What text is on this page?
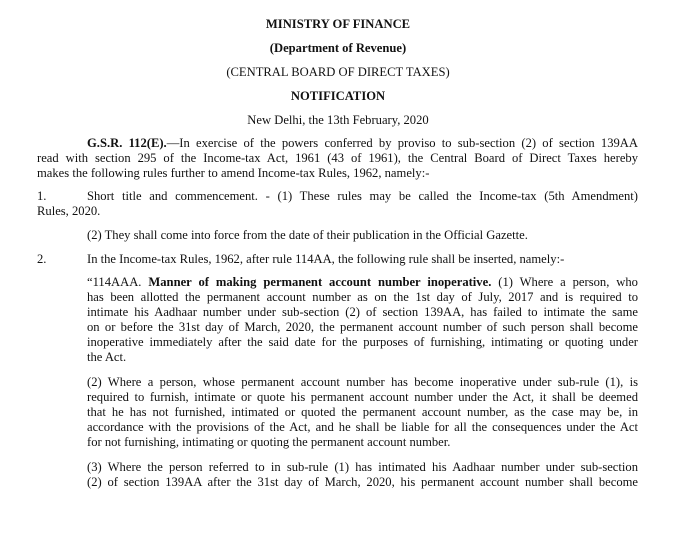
MINISTRY OF FINANCE
(Department of Revenue)
(CENTRAL BOARD OF DIRECT TAXES)
NOTIFICATION
New Delhi, the 13th February, 2020
G.S.R. 112(E).—In exercise of the powers conferred by proviso to sub-section (2) of section 139AA
read with section 295 of the Income-tax Act, 1961 (43 of 1961), the Central Board of Direct Taxes hereby
makes the following rules further to amend Income-tax Rules, 1962, namely:-
1.	Short title and commencement. - (1) These rules may be called the Income-tax (5th Amendment)
Rules, 2020.
(2) They shall come into force from the date of their publication in the Official Gazette.
2.	In the Income-tax Rules, 1962, after rule 114AA, the following rule shall be inserted, namely:-
“114AAA. Manner of making permanent account number inoperative. (1) Where a person, who
has been allotted the permanent account number as on the 1st day of July, 2017 and is required to
intimate his Aadhaar number under sub-section (2) of section 139AA, has failed to intimate the same
on or before the 31st day of March, 2020, the permanent account number of such person shall become
inoperative immediately after the said date for the purposes of furnishing, intimating or quoting under
the Act.
(2) Where a person, whose permanent account number has become inoperative under sub-rule (1), is
required to furnish, intimate or quote his permanent account number under the Act, it shall be deemed
that he has not furnished, intimated or quoted the permanent account number, as the case may be, in
accordance with the provisions of the Act, and he shall be liable for all the consequences under the Act
for not furnishing, intimating or quoting the permanent account number.
(3) Where the person referred to in sub-rule (1) has intimated his Aadhaar number under sub-section
(2) of section 139AA after the 31st day of March, 2020, his permanent account number shall become
